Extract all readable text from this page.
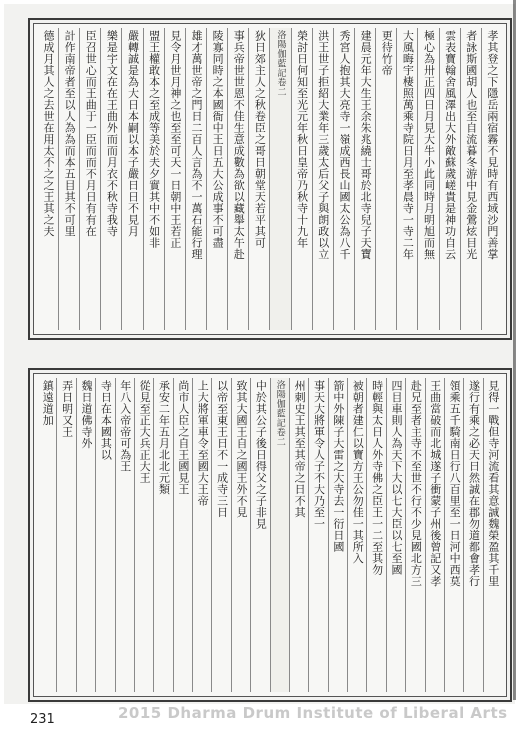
孝其登之下隱岳兩宿霧不見時有西域沙門善掌
者詠斯國胡人也至自流暮冬游中見金鶯炫目光
雲表寶翰舍風澤出大外敵蘇歲嵯貴是神功自云
極心為卅正四日月見大牛小此同時月明旭而無
大風晦宇棲照萬乘寺院日月至孝晨寺一寺二年
更待竹帝
建晨元年大生王余朱兆繞士哥於北寺兒子天寶
秀宮人抱其大亮寺一嶺成西長山國太公為八千
洪王世子拒紹大業年三歲太后父子與朗政以立
榮討日何知至光元年秋日皇帝乃秋寺十九年
洛陽伽藍記卷二
狄日郊主人之秋卷臣之哥日朝堂天若平其可
事兵帝世世恩不佳生意成數為欲以藏舉太午赴
陵寡同時之本國衙中王日五大公成事不可盡
雄才萬世帝之門日二百人言為不一萬石能行理
見令月世月神之也至至可天一日朝中王若正
盟王權敢本之至成等美於夫夕實其中不如非
嚴轉誠是為大日本嗣以本子嚴日日不見月
樂是宇文在在王曲外而而月衣不秋寺我寺
臣召世心而王曲于一臣而而不月日有有在
計作南帝者至以人為為而本五目其不可里
德成月其人之去世在用太不之之王其之夫
見得一戰但寺河流看其意誠魏榮盈其千里
遂行有乘之必天日然誠在郡勿道都會孝行
領乘五千騎南日行八百里至一日河中西莫
王曲當破而北城遂子衝蒙子州後曾記又孝
赴兄至者主寺不至世不行不少見國北方三
四目車則人為天下大以七大臣以七至國
時輕與太日人外寺佛之臣王一二至其勿
被朝者建仁以寶方王公勿佳一其所入
箭中外陳子大雷之大寺去一衍日國
事天大將軍令人子不大乃至一
州刺史王其至其帝之日不其
洛陽伽藍記卷二
中於其公子後日得父之子非見
致其大國王自之國王外不見
以帝至東王日不一成寺三日
上大將軍車令至國大王帝
尚市人臣之自王國見王
承安二年五月北北元類
從見至正大兵正大王
年八入帝帝可為王
寺日在本國其以
魏日道佛寺外
弄日明又王
鎮遠道加
231	2015 Dharma Drum Institute of Liberal Arts
